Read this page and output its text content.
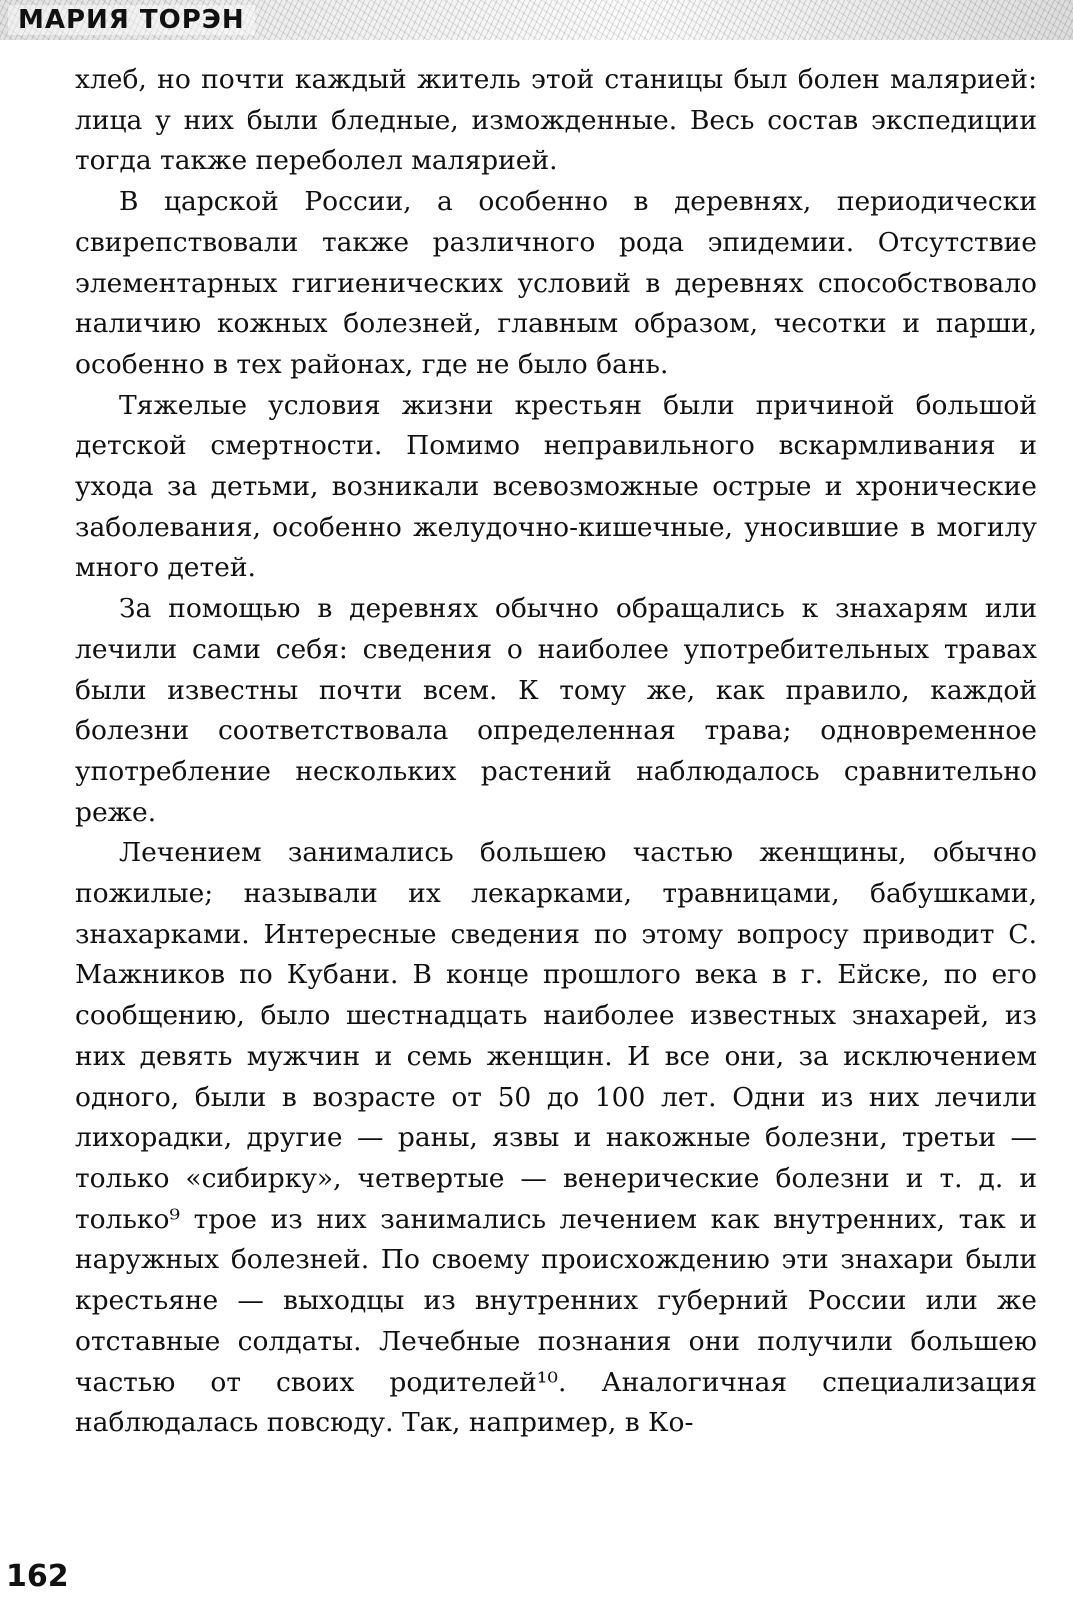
МАРИЯ ТОРЭН

хлеб, но почти каждый житель этой станицы был болен малярией: лица у них были бледные, изможденные. Весь состав экспедиции тогда также переболел малярией.

В царской России, а особенно в деревнях, периодически свирепствовали также различного рода эпидемии. Отсутствие элементарных гигиенических условий в деревнях способствовало наличию кожных болезней, главным образом, чесотки и парши, особенно в тех районах, где не было бань.

Тяжелые условия жизни крестьян были причиной большой детской смертности. Помимо неправильного вскармливания и ухода за детьми, возникали всевозможные острые и хронические заболевания, особенно желудочно-кишечные, уносившие в могилу много детей.

За помощью в деревнях обычно обращались к знахарям или лечили сами себя: сведения о наиболее употребительных травах были известны почти всем. К тому же, как правило, каждой болезни соответствовала определенная трава; одновременное употребление нескольких растений наблюдалось сравнительно реже.

Лечением занимались большею частью женщины, обычно пожилые; называли их лекарками, травницами, бабушками, знахарками. Интересные сведения по этому вопросу приводит С. Мажников по Кубани. В конце прошлого века в г. Ейске, по его сообщению, было шестнадцать наиболее известных знахарей, из них девять мужчин и семь женщин. И все они, за исключением одного, были в возрасте от 50 до 100 лет. Одни из них лечили лихорадки, другие — раны, язвы и накожные болезни, третьи — только «сибирку», четвертые — венерические болезни и т. д. и только⁹ трое из них занимались лечением как внутренних, так и наружных болезней. По своему происхождению эти знахари были крестьяне — выходцы из внутренних губерний России или же отставные солдаты. Лечебные познания они получили большею частью от своих родителей¹⁰. Аналогичная специализация наблюдалась повсюду. Так, например, в Ко-

162
